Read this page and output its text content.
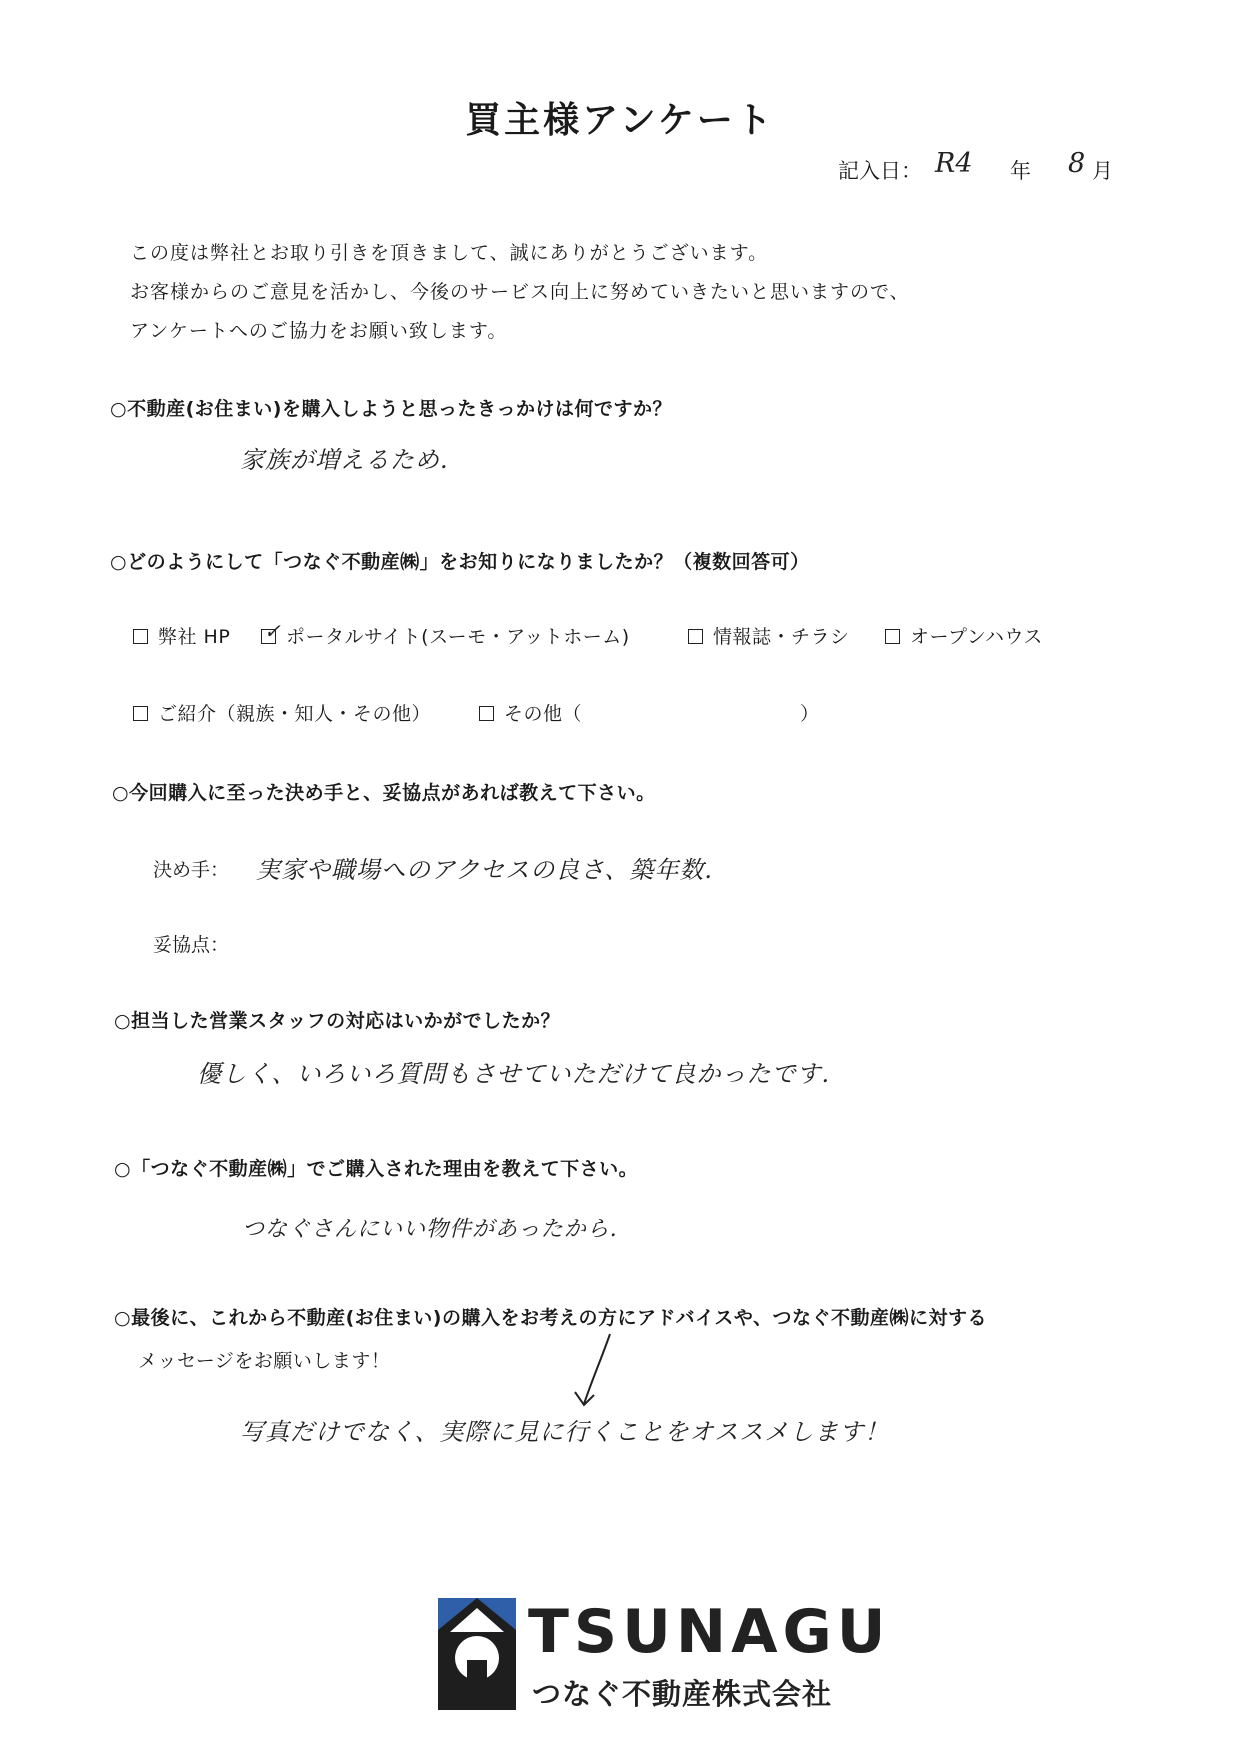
買主様アンケート
記入日： R4 年 8 月
この度は弊社とお取り引きを頂きまして、誠にありがとうございます。
お客様からのご意見を活かし、今後のサービス向上に努めていきたいと思いますので、
アンケートへのご協力をお願い致します。
○不動産(お住まい)を購入しようと思ったきっかけは何ですか？
家族が増えるため.
○どのようにして「つなぐ不動産㈱」をお知りになりましたか？（複数回答可）
弊社 HP ✓ ポータルサイト(スーモ・アットホーム)	情報誌・チラシ	オープンハウス
ご紹介（親族・知人・その他）	その他（	）
○今回購入に至った決め手と、妥協点があれば教えて下さい。
決め手： 実家や職場へのアクセスの良さ、築年数.
妥協点：
○担当した営業スタッフの対応はいかがでしたか？
優しく、いろいろ質問もさせていただけて良かったです.
○「つなぐ不動産㈱」でご購入された理由を教えて下さい。
つなぐさんにいい物件があったから.
○最後に、これから不動産(お住まい)の購入をお考えの方にアドバイスや、つなぐ不動産㈱に対する
メッセージをお願いします！
写真だけでなく、実際に見に行くことをオススメします！
TSUNAGU
つなぐ不動産株式会社
